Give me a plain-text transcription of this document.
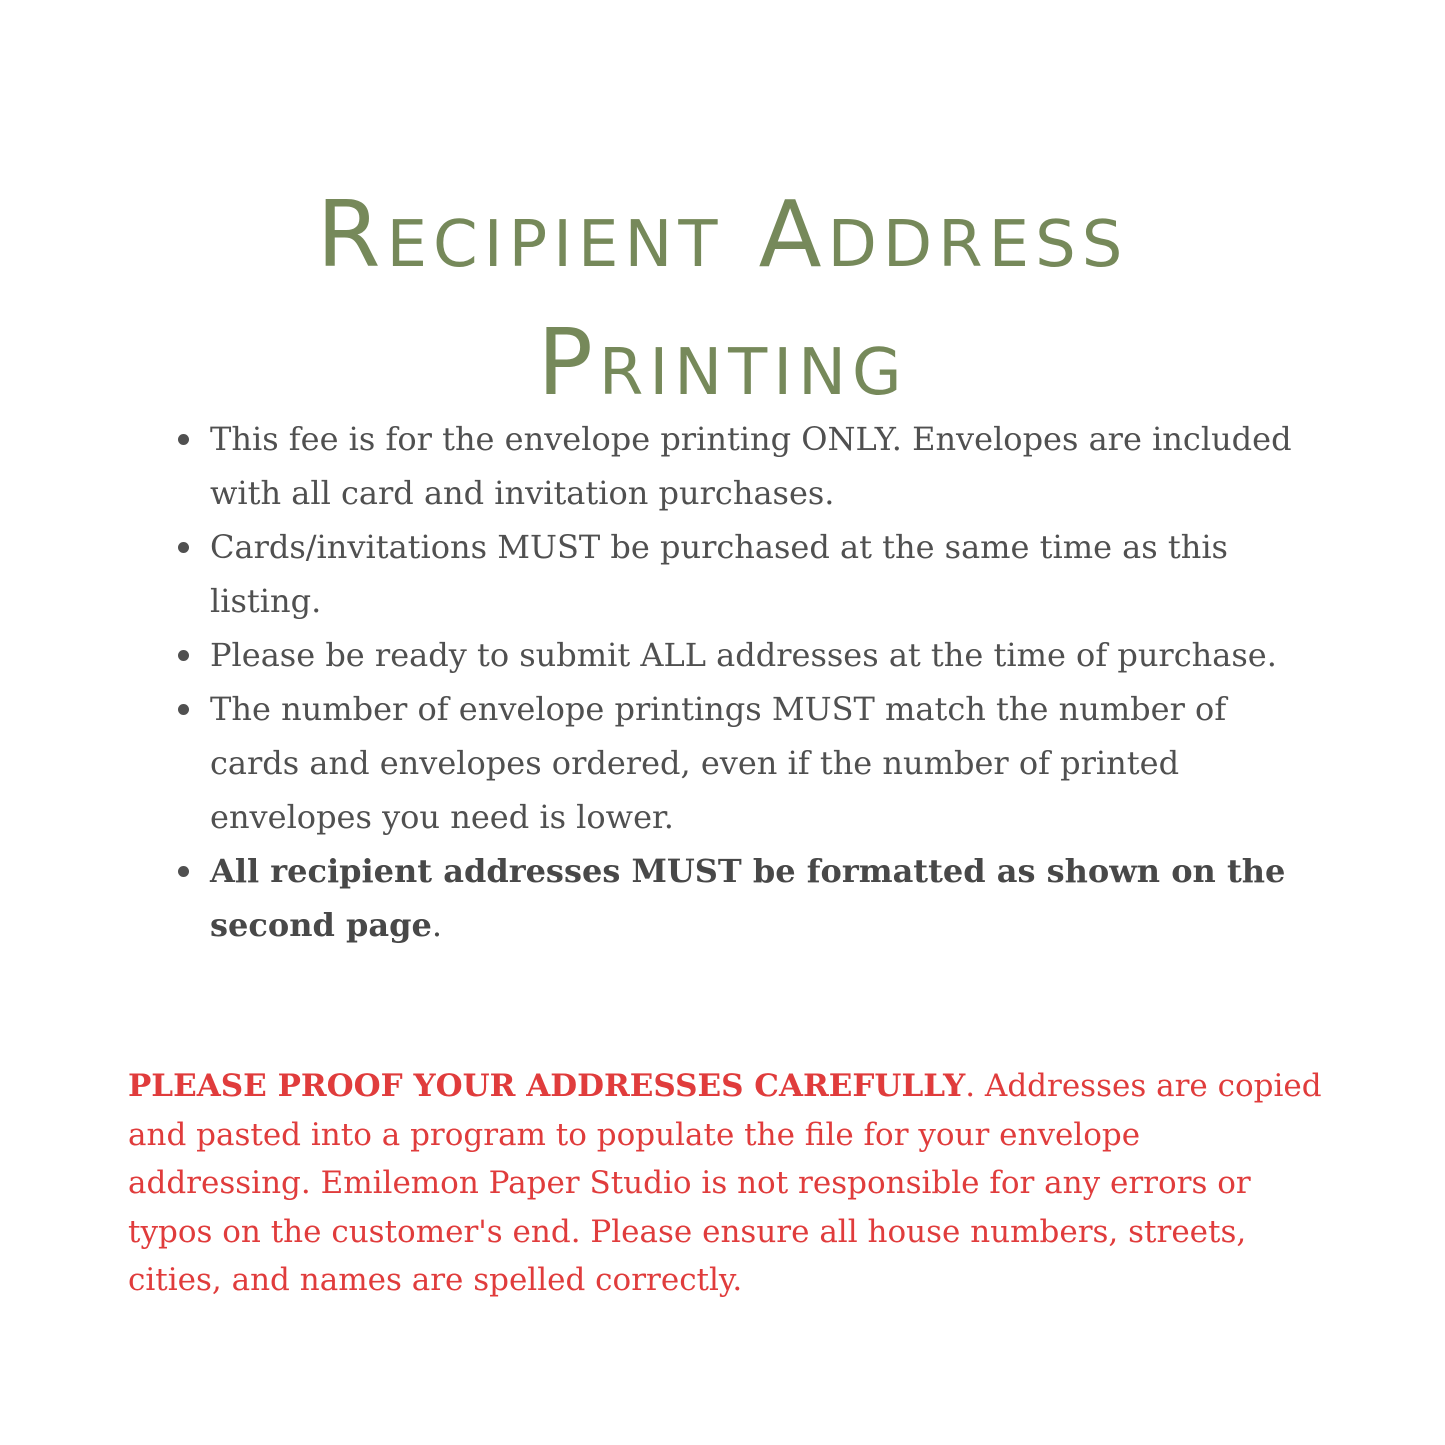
Recipient Address
Printing
This fee is for the envelope printing ONLY. Envelopes are included with all card and invitation purchases.
Cards/invitations MUST be purchased at the same time as this listing.
Please be ready to submit ALL addresses at the time of purchase.
The number of envelope printings MUST match the number of cards and envelopes ordered, even if the number of printed envelopes you need is lower.
All recipient addresses MUST be formatted as shown on the second page.

PLEASE PROOF YOUR ADDRESSES CAREFULLY. Addresses are copied and pasted into a program to populate the file for your envelope addressing. Emilemon Paper Studio is not responsible for any errors or typos on the customer's end. Please ensure all house numbers, streets, cities, and names are spelled correctly.
